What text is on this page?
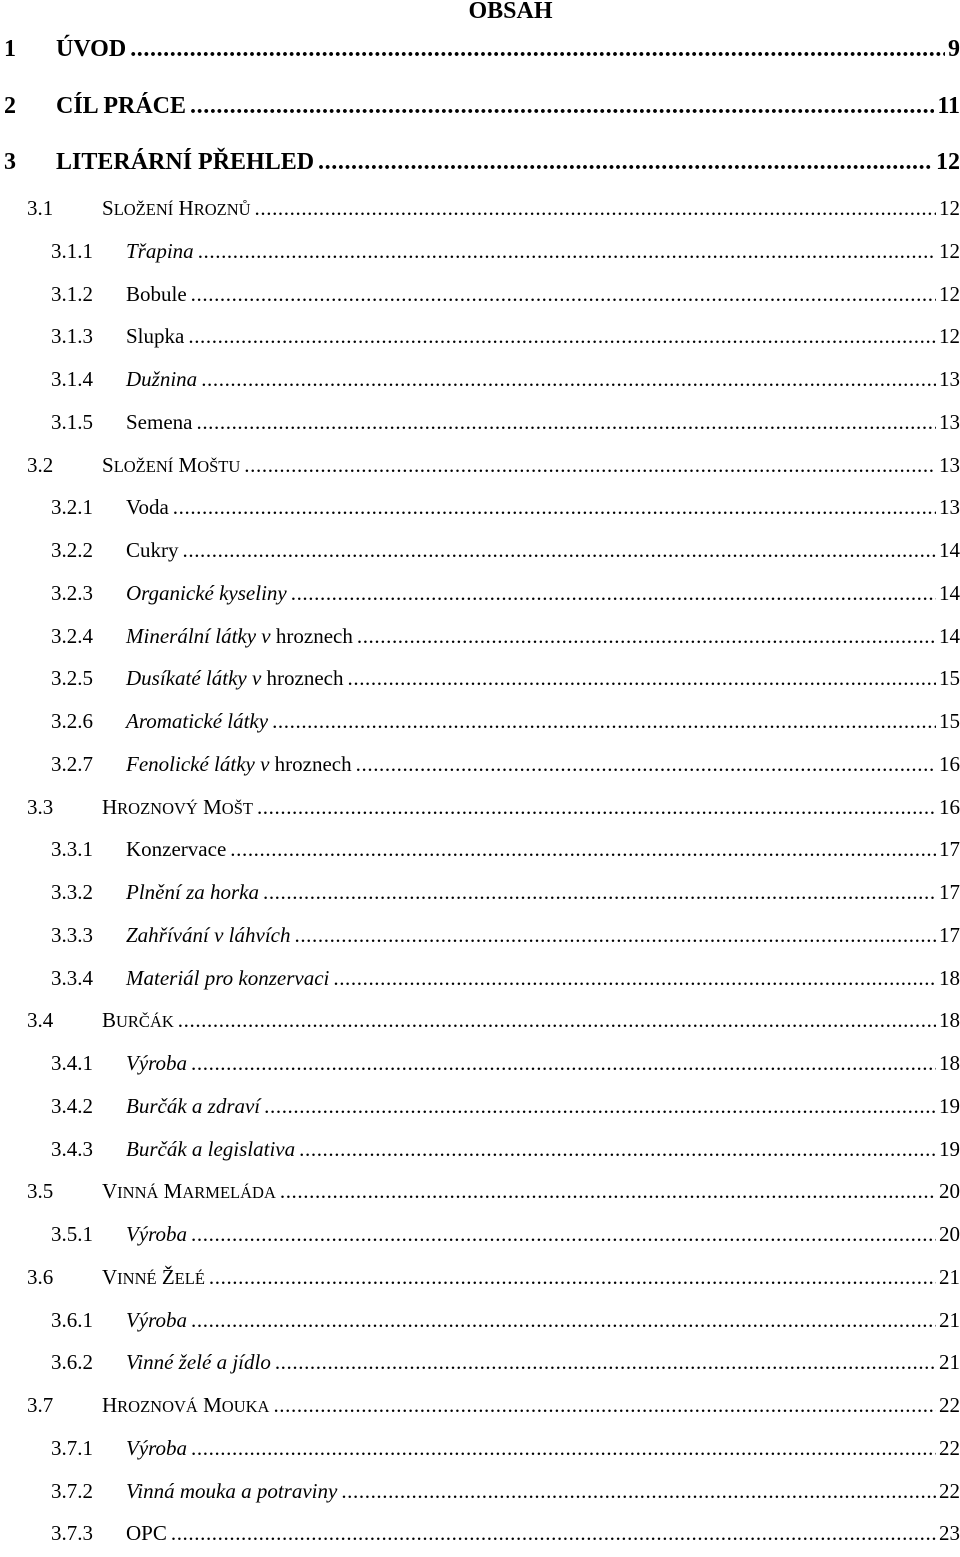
OBSAH
1	ÚVOD .....	9
2	CÍL PRÁCE .....	11
3	LITERÁRNÍ PŘEHLED .....	12
3.1	SLOŽENÍ HROZNŮ .....	12
3.1.1	Třapina .....	12
3.1.2	Bobule .....	12
3.1.3	Slupka .....	12
3.1.4	Dužnina .....	13
3.1.5	Semena .....	13
3.2	SLOŽENÍ MOŠTU .....	13
3.2.1	Voda .....	13
3.2.2	Cukry .....	14
3.2.3	Organické kyseliny .....	14
3.2.4	Minerální látky v hroznech .....	14
3.2.5	Dusíkaté látky v hroznech .....	15
3.2.6	Aromatické látky .....	15
3.2.7	Fenolické látky v hroznech .....	16
3.3	HROZNOVÝ MOŠT .....	16
3.3.1	Konzervace .....	17
3.3.2	Plnění za horka .....	17
3.3.3	Zahřívání v láhvích .....	17
3.3.4	Materiál pro konzervaci .....	18
3.4	BURČÁK .....	18
3.4.1	Výroba .....	18
3.4.2	Burčák a zdraví .....	19
3.4.3	Burčák a legislativa .....	19
3.5	VINNÁ MARMELÁDA .....	20
3.5.1	Výroba .....	20
3.6	VINNÉ ŽELÉ .....	21
3.6.1	Výroba .....	21
3.6.2	Vinné želé a jídlo .....	21
3.7	HROZNOVÁ MOUKA .....	22
3.7.1	Výroba .....	22
3.7.2	Vinná mouka a potraviny .....	22
3.7.3	OPC .....	23
